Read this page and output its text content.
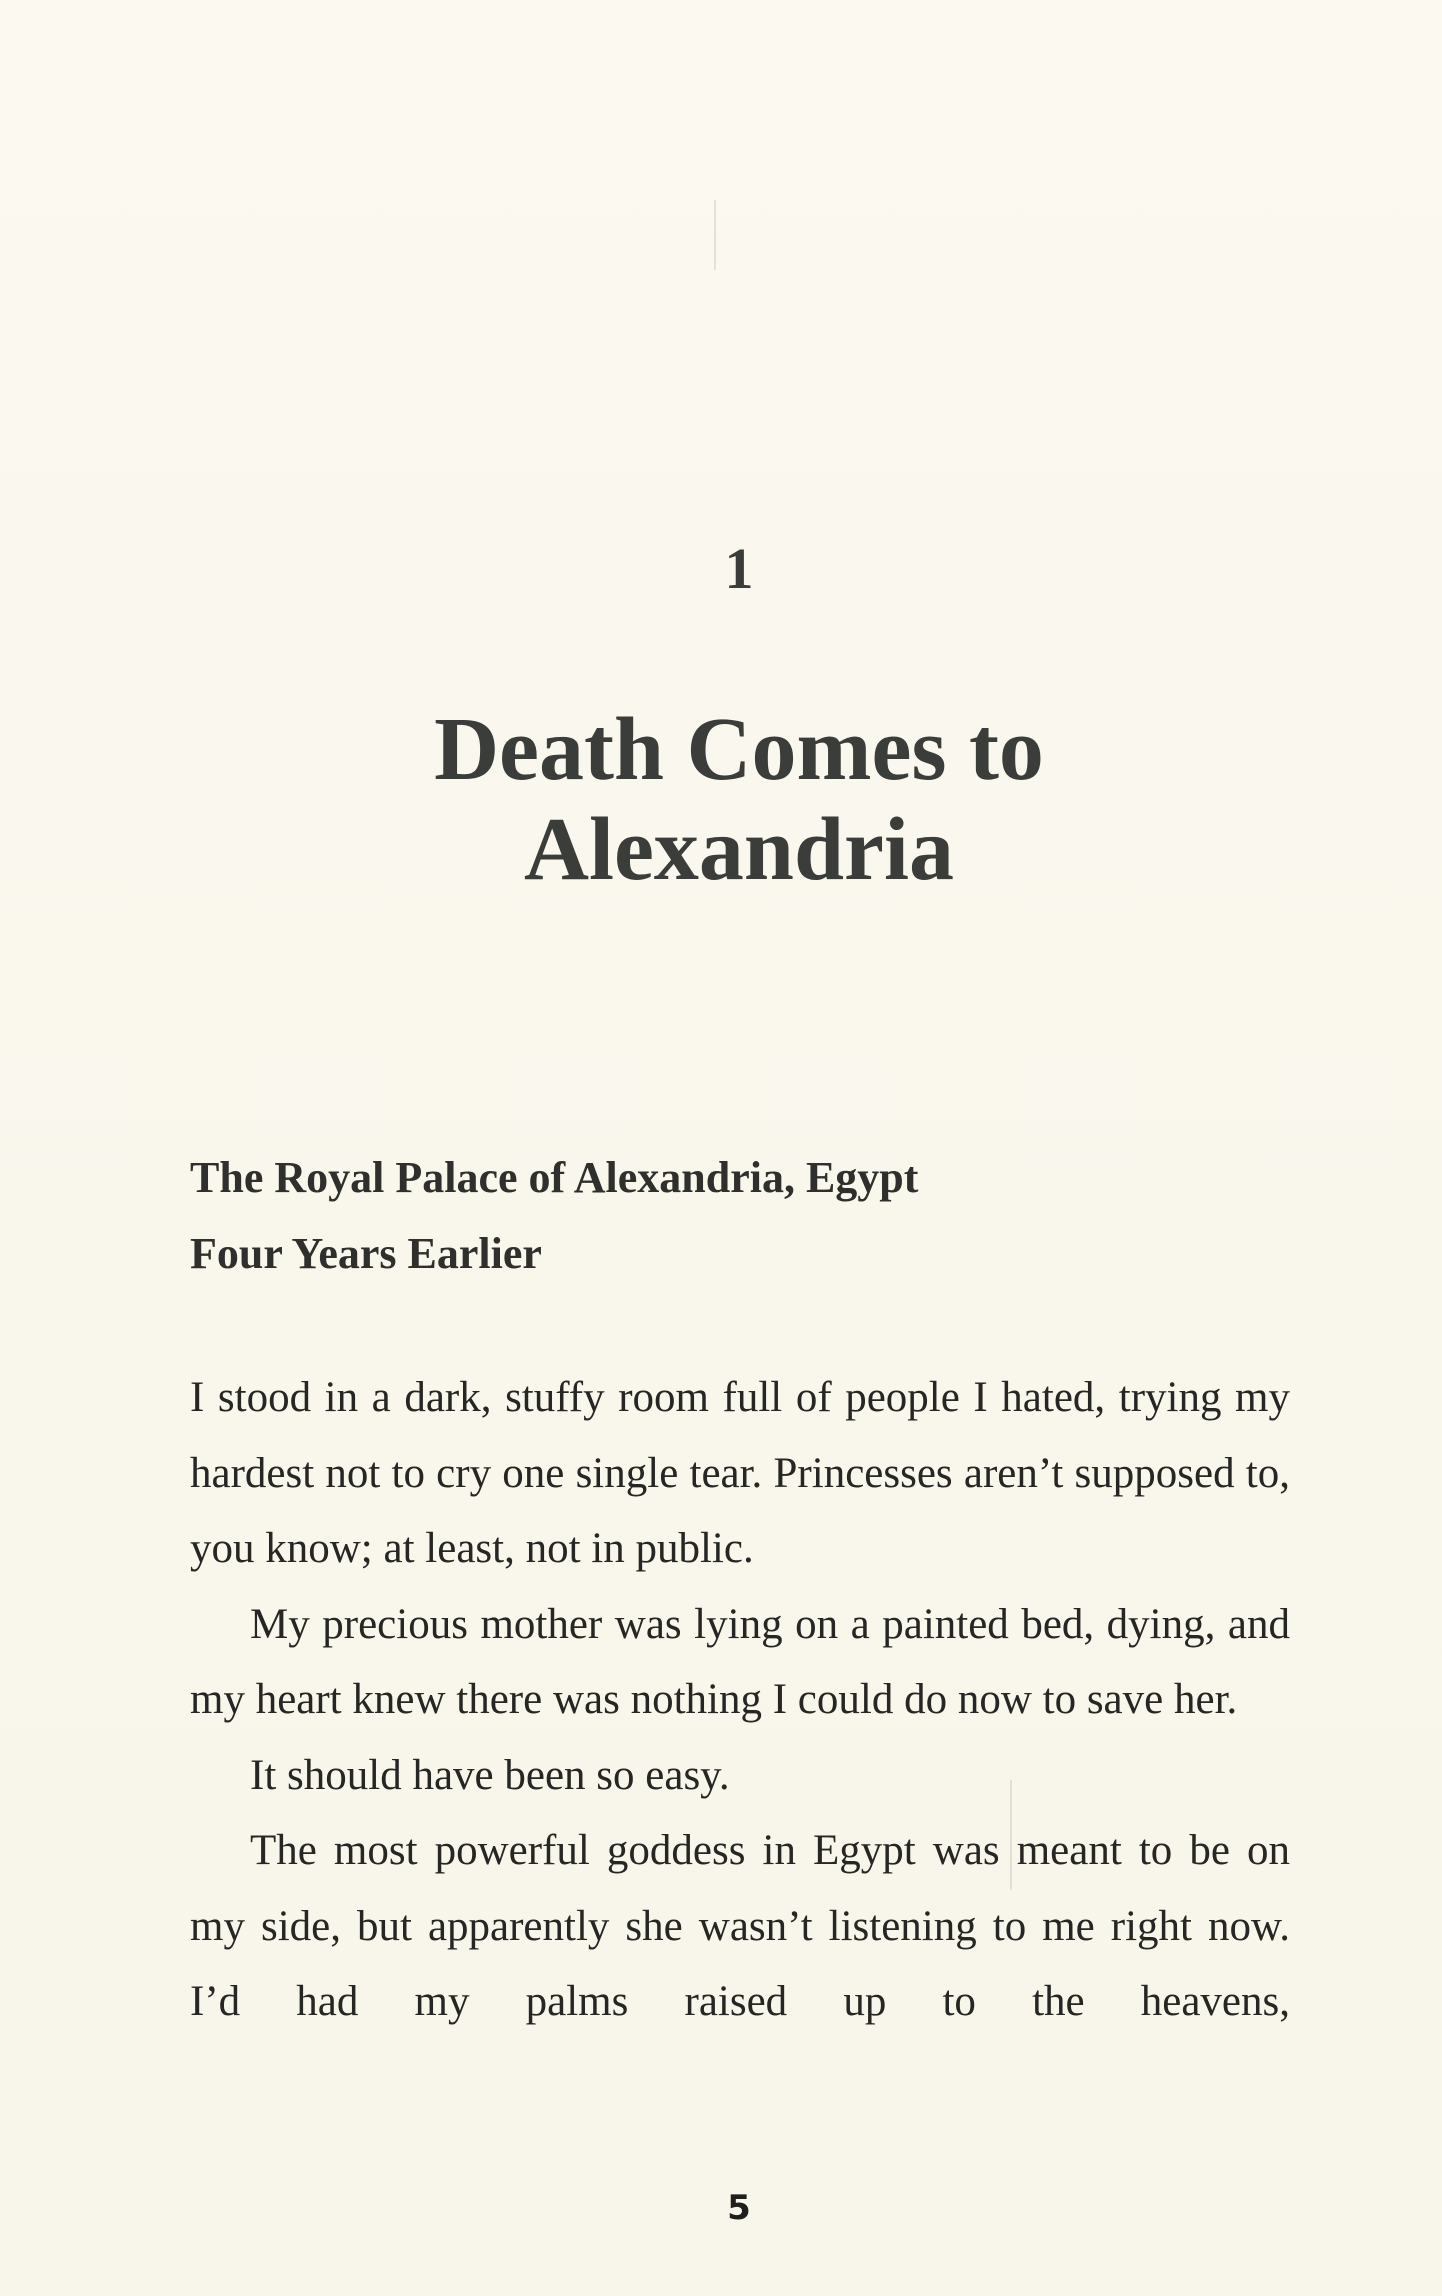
1
Death Comes to
Alexandria
The Royal Palace of Alexandria, Egypt
Four Years Earlier

I stood in a dark, stuffy room full of people I hated, trying my hardest not to cry one single tear. Princesses aren’t supposed to, you know; at least, not in public.

My precious mother was lying on a painted bed, dying, and my heart knew there was nothing I could do now to save her.

It should have been so easy.

The most powerful goddess in Egypt was meant to be on my side, but apparently she wasn’t listening to me right now. I’d had my palms raised up to the heavens,

5
